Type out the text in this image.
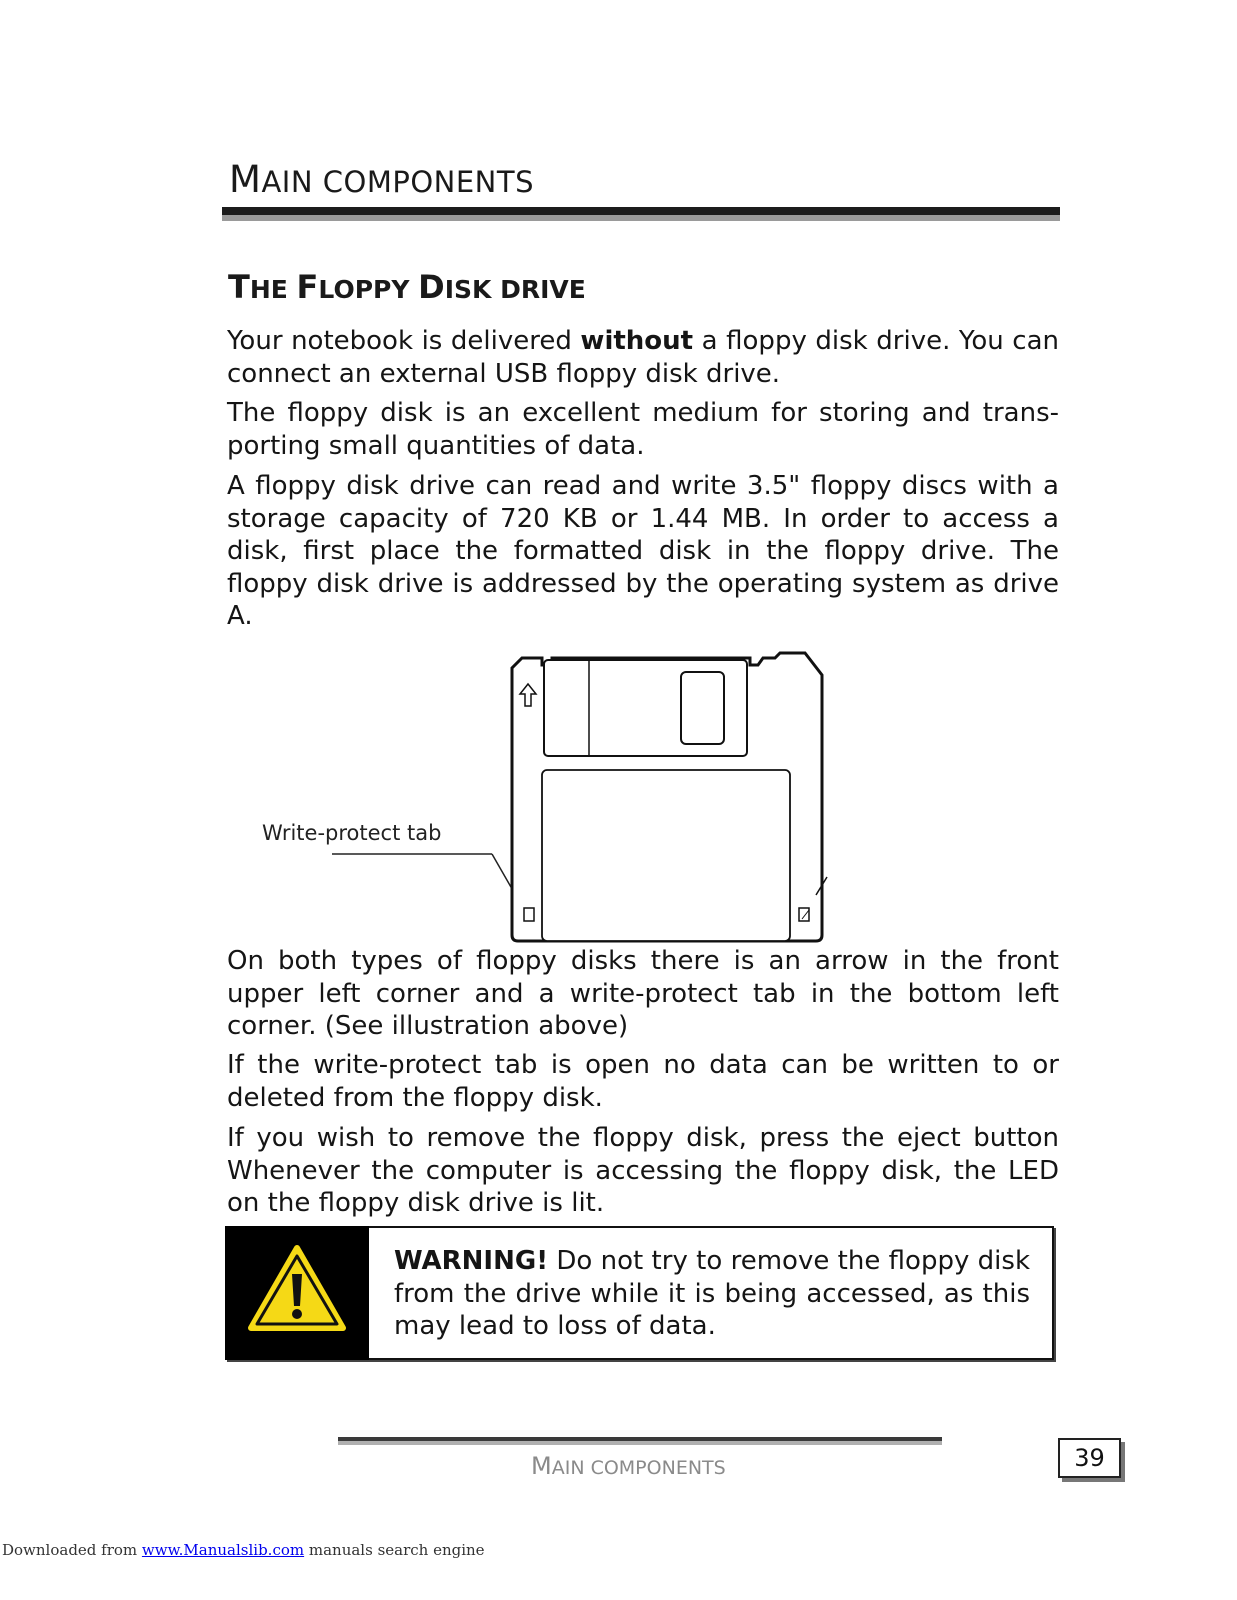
MAIN COMPONENTS
THE FLOPPY DISK DRIVE
Your notebook is delivered without a floppy disk drive. You can connect an external USB floppy disk drive.
The floppy disk is an excellent medium for storing and trans-porting small quantities of data.
A floppy disk drive can read and write 3.5" floppy discs with a storage capacity of 720 KB or 1.44 MB. In order to access a disk, first place the formatted disk in the floppy drive. The floppy disk drive is addressed by the operating system as drive A.
Write-protect tab
On both types of floppy disks there is an arrow in the front upper left corner and a write-protect tab in the bottom left corner. (See illustration above)
If the write-protect tab is open no data can be written to or deleted from the floppy disk.
If you wish to remove the floppy disk, press the eject button Whenever the computer is accessing the floppy disk, the LED on the floppy disk drive is lit.
WARNING! Do not try to remove the floppy disk from the drive while it is being accessed, as this may lead to loss of data.
MAIN COMPONENTS	39
Downloaded from www.Manualslib.com manuals search engine
